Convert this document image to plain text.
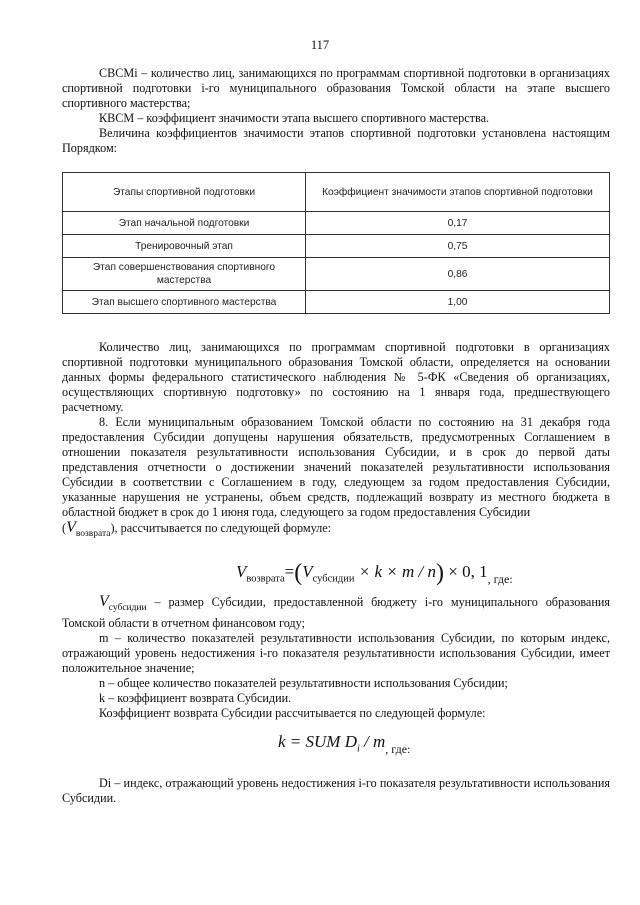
117

СВСМi – количество лиц, занимающихся по программам спортивной подготовки в организациях спортивной подготовки i-го муниципального образования Томской области на этапе высшего спортивного мастерства;

КВСМ – коэффициент значимости этапа высшего спортивного мастерства.

Величина коэффициентов значимости этапов спортивной подготовки установлена настоящим Порядком:

Этапы спортивной подготовки	Коэффициент значимости этапов спортивной подготовки
Этап начальной подготовки	0,17
Тренировочный этап	0,75
Этап совершенствования спортивного мастерства	0,86
Этап высшего спортивного мастерства	1,00

Количество лиц, занимающихся по программам спортивной подготовки в организациях спортивной подготовки муниципального образования Томской области, определяется на основании данных формы федерального статистического наблюдения № 5-ФК «Сведения об организациях, осуществляющих спортивную подготовку» по состоянию на 1 января года, предшествующего расчетному.

8. Если муниципальным образованием Томской области по состоянию на 31 декабря года предоставления Субсидии допущены нарушения обязательств, предусмотренных Соглашением в отношении показателя результативности использования Субсидии, и в срок до первой даты представления отчетности о достижении значений показателей результативности использования Субсидии в соответствии с Соглашением в году, следующем за годом предоставления Субсидии, указанные нарушения не устранены, объем средств, подлежащий возврату из местного бюджета в областной бюджет в срок до 1 июня года, следующего за годом предоставления Субсидии
$(V_{возврата})$, рассчитывается по следующей формуле:

$V_{возврата}=(V_{субсидии} \times k \times m / n) \times 0$, $1_{, где:}$

$V_{субсидии}$ – размер Субсидии, предоставленной бюджету i-го муниципального образования Томской области в отчетном финансовом году;

m – количество показателей результативности использования Субсидии, по которым индекс, отражающий уровень недостижения i-го показателя результативности использования Субсидии, имеет положительное значение;

n – общее количество показателей результативности использования Субсидии;

k – коэффициент возврата Субсидии.

Коэффициент возврата Субсидии рассчитывается по следующей формуле:

k = SUM $D_i / m_{, где:}$

Di – индекс, отражающий уровень недостижения i-го показателя результативности использования Субсидии.
